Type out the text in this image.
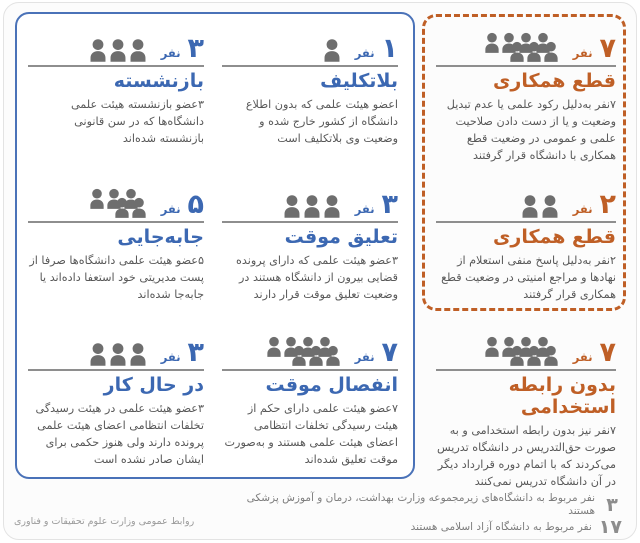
۳
نفر
بازنشسته
۳عضو بازنشسته هیئت علمی دانشگاه‌ها که در سن قانونی بازنشسته شده‌اند
۱
نفر
بلاتکلیف
اعضو هیئت علمی که بدون اطلاع دانشگاه از کشور خارج شده و وضعیت وی بلاتکلیف است
۷
نفر
قطع همکاری
۷نفر به‌دلیل رکود علمی یا عدم تبدیل وضعیت و یا از دست دادن صلاحیت علمی و عمومی در وضعیت قطع همکاری با دانشگاه قرار گرفتند
۵
نفر
جابه‌جایی
۵عضو هیئت علمی دانشگاه‌ها صرفا از پست مدیریتی خود استعفا داده‌اند یا جابه‌جا شده‌اند
۳
نفر
تعلیق موقت
۳عضو هیئت علمی که دارای پرونده قضایی بیرون از دانشگاه هستند در وضعیت تعلیق موقت قرار دارند
۲
نفر
قطع همکاری
۲نفر به‌دلیل پاسخ منفی استعلام از نهادها و مراجع امنیتی در وضعیت قطع همکاری قرار گرفتند
۳
نفر
در حال کار
۳عضو هیئت علمی در هیئت رسیدگی تخلفات انتظامی اعضای هیئت علمی پرونده دارند ولی هنوز حکمی برای ایشان صادر نشده است
۷
نفر
انفصال موقت
۷عضو هیئت علمی دارای حکم از هیئت رسیدگی تخلفات انتظامی اعضای هیئت علمی هستند و به‌صورت موقت تعلیق شده‌اند
۷
نفر
بدون رابطه استخدامی
۷نفر نیز بدون رابطه استخدامی و به صورت حق‌التدریس در دانشگاه تدریس می‌کردند که با اتمام دوره قرارداد دیگر در آن دانشگاه تدریس نمی‌کنند
۳
نفر مربوط به دانشگاه‌های زیرمجموعه وزارت بهداشت، درمان و آموزش پزشکی هستند
۱۷
نفر مربوط به دانشگاه آزاد اسلامی هستند
روابط عمومی وزارت علوم تحقیقات و فناوری
